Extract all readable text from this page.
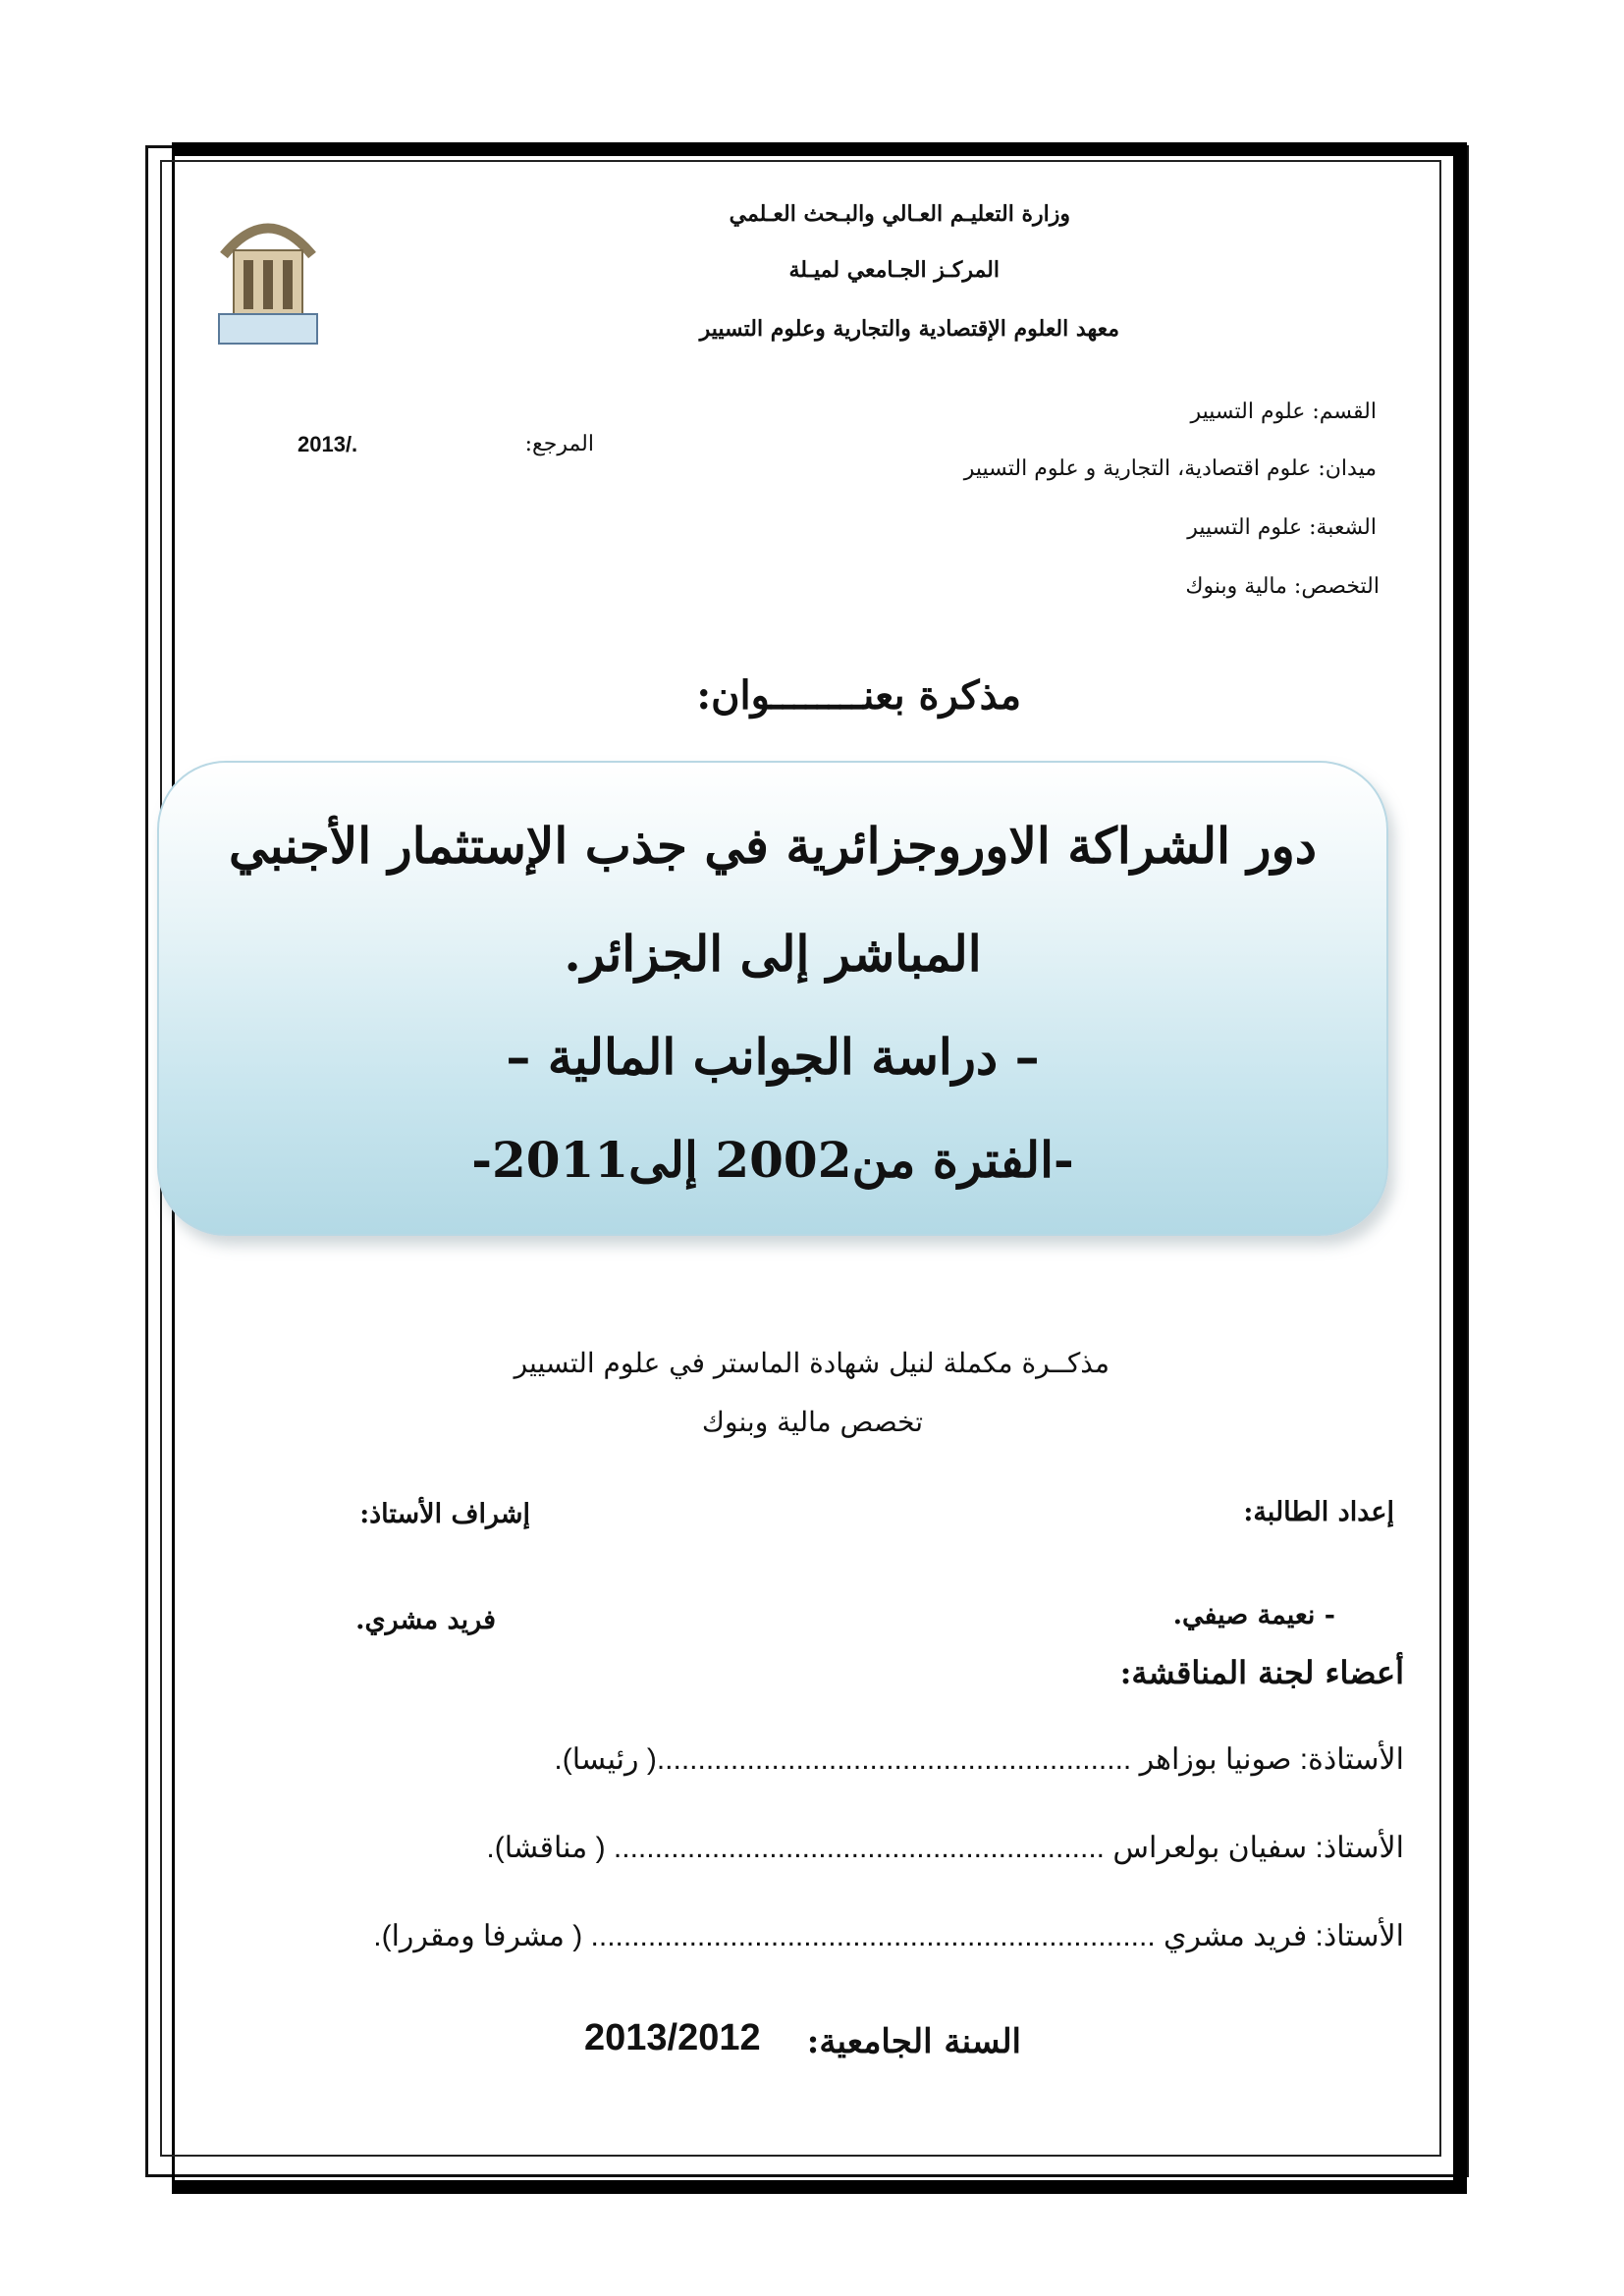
وزارة التعليـم العـالي والبـحث العـلمي
المركـز الجـامعي لميـلة
معهد العلوم الإقتصادية والتجارية وعلوم التسيير
القسم: علوم التسيير
ميدان: علوم اقتصادية، التجارية و علوم التسيير
الشعبة: علوم التسيير
التخصص: مالية وبنوك
المرجع:
2013/.
مذكرة بعنــــــــوان:
دور الشراكة الاوروجزائرية في جذب الإستثمار الأجنبي
المباشر إلى الجزائر.
– دراسة الجوانب المالية –
-الفترة من2002 إلى2011-
مذكــرة مكملة لنيل شهادة الماستر في علوم التسيير
تخصص مالية وبنوك
إعداد الطالبة:
إشراف الأستاذ:
- نعيمة صيفي.
فريد مشري.
أعضاء لجنة المناقشة:
الأستاذة: صونيا بوزاهر ..........................................................( رئيسا).
الأستاذ: سفيان بولعراس ............................................................ ( مناقشا).
الأستاذ: فريد مشري ..................................................................... ( مشرفا ومقررا).
السنة الجامعية:
2013/2012
